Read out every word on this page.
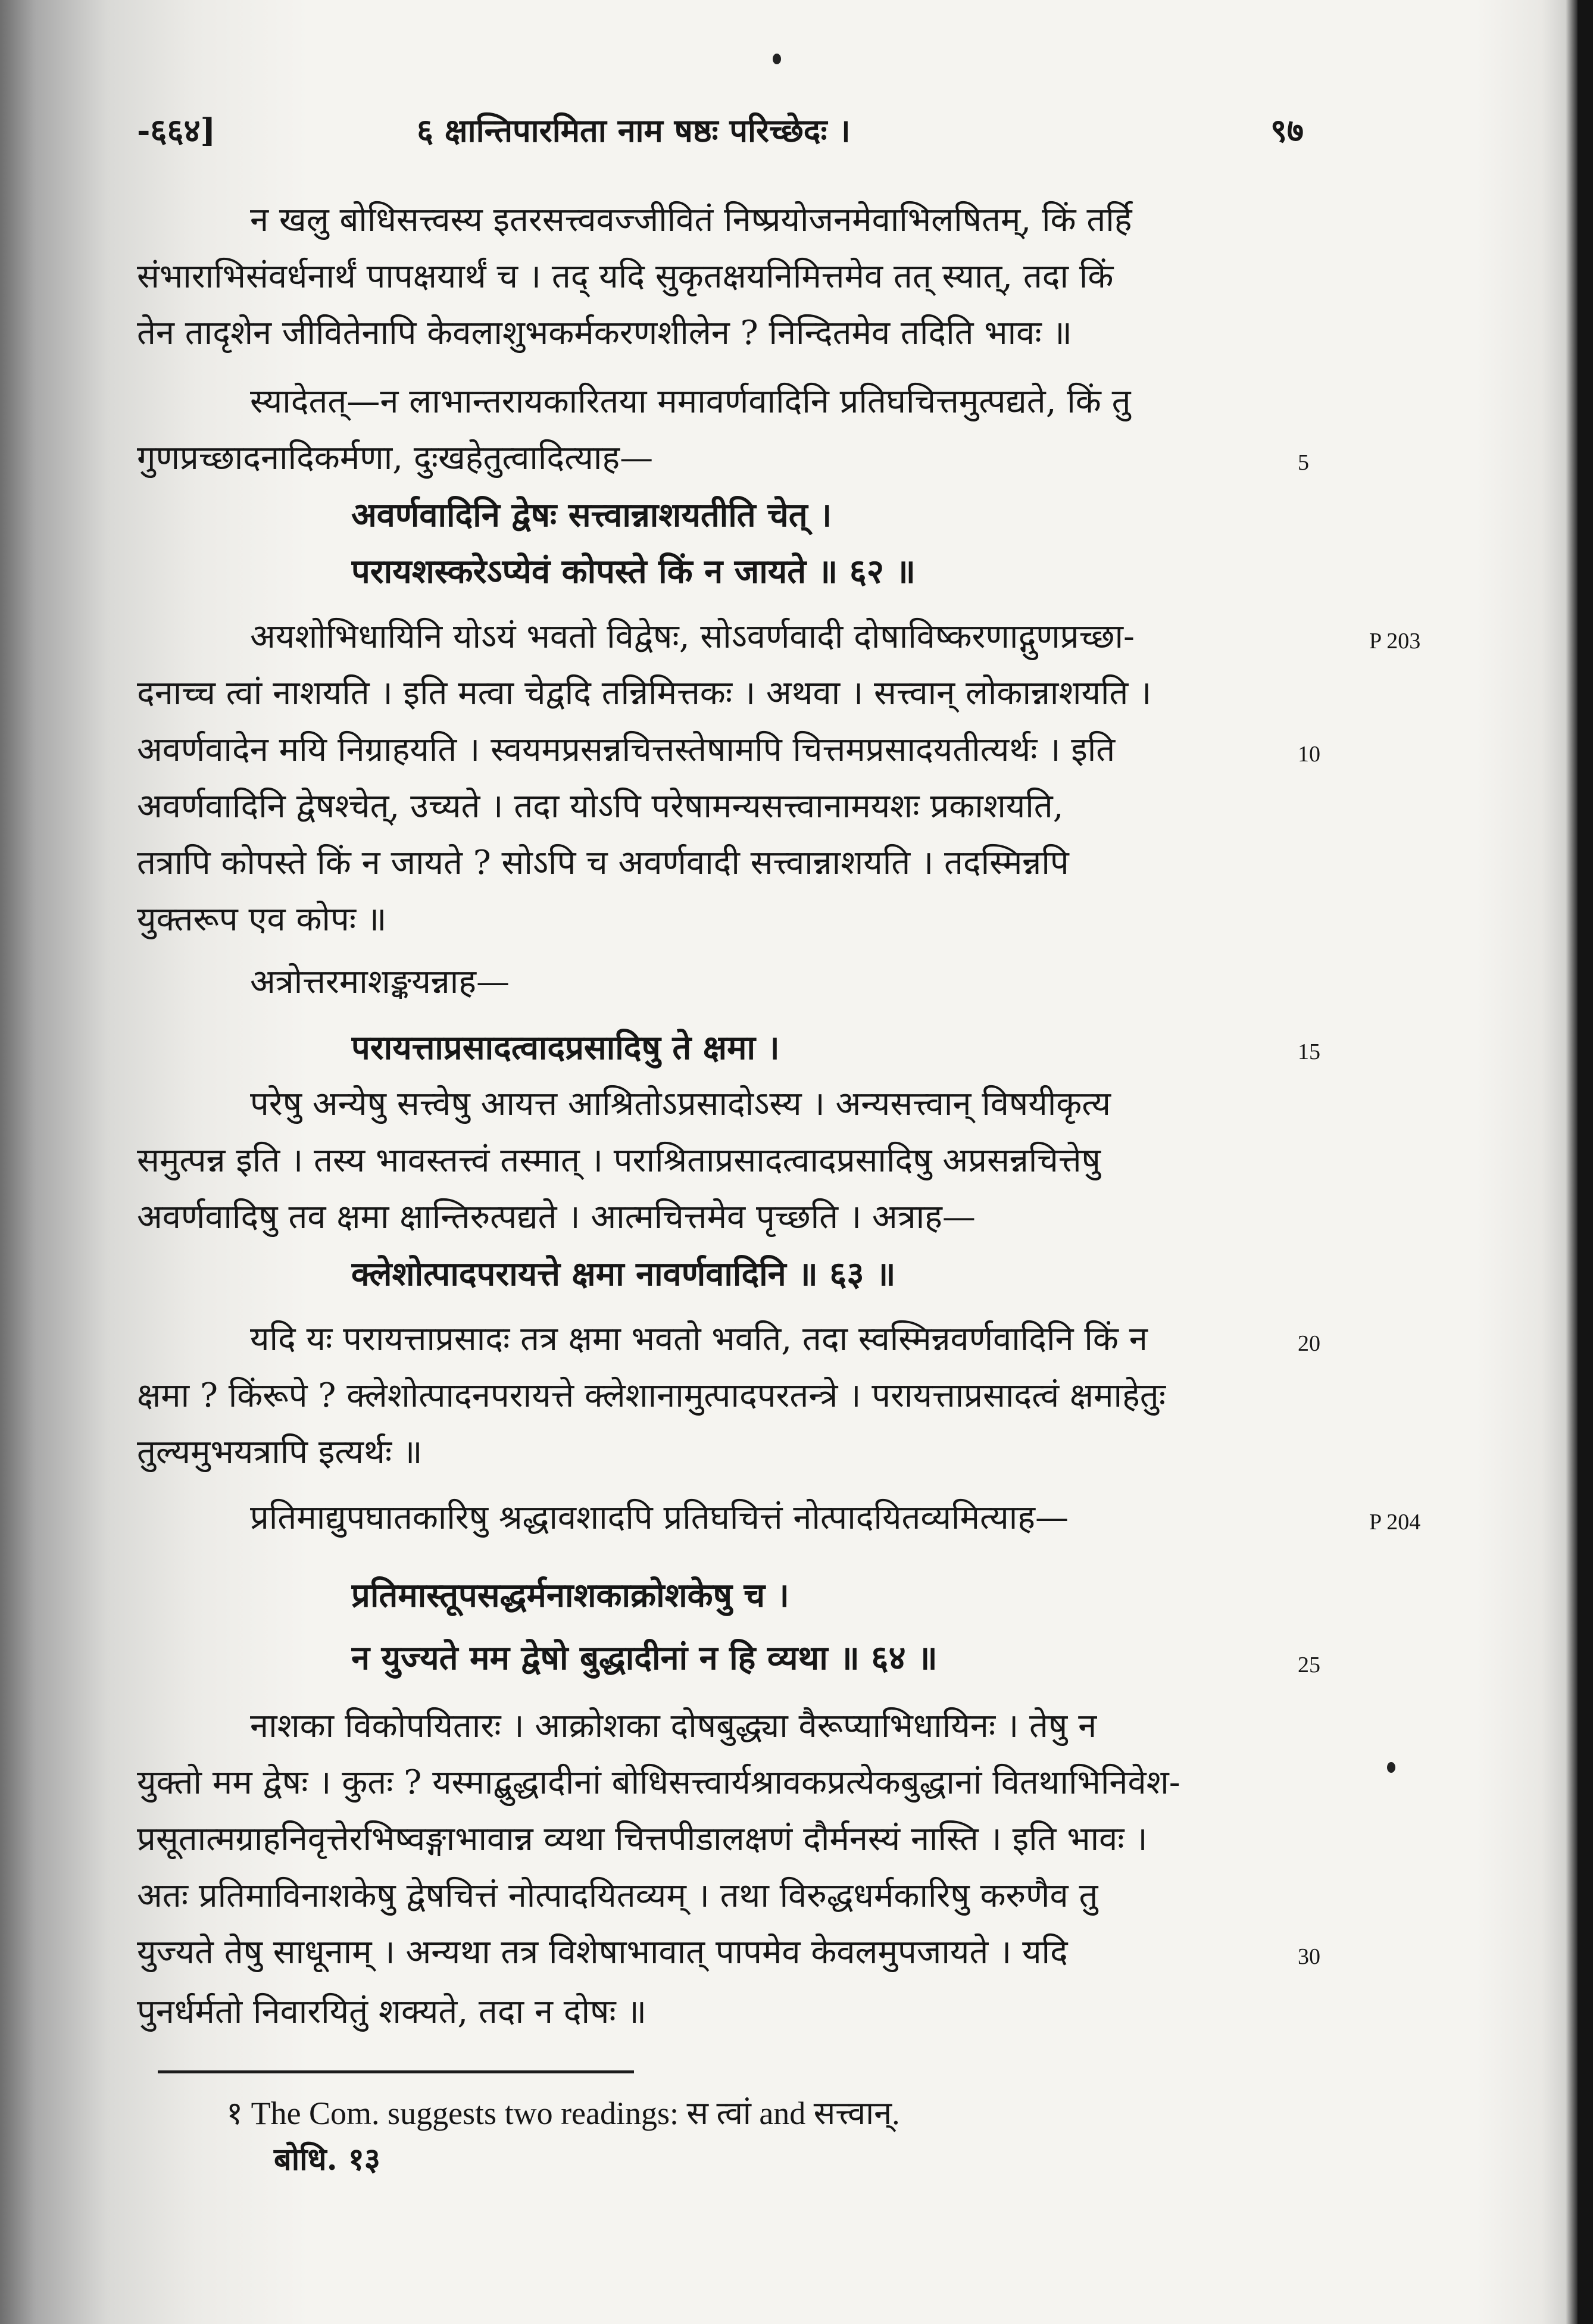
-६६४]	६ क्षान्तिपारमिता नाम षष्ठः परिच्छेदः ।	९७
न खलु बोधिसत्त्वस्य इतरसत्त्ववज्जीवितं निष्प्रयोजनमेवाभिलषितम्, किं तर्हि
संभाराभिसंवर्धनार्थं पापक्षयार्थं च । तद् यदि सुकृतक्षयनिमित्तमेव तत् स्यात्, तदा किं
तेन तादृशेन जीवितेनापि केवलाशुभकर्मकरणशीलेन ? निन्दितमेव तदिति भावः ॥
स्यादेतत्—न लाभान्तरायकारितया ममावर्णवादिनि प्रतिघचित्तमुत्पद्यते, किं तु
गुणप्रच्छादनादिकर्मणा, दुःखहेतुत्वादित्याह—
अवर्णवादिनि द्वेषः सत्त्वान्नाशयतीति चेत् ।
परायशस्करेऽप्येवं कोपस्ते किं न जायते ॥ ६२ ॥
अयशोभिधायिनि योऽयं भवतो विद्वेषः, सोऽवर्णवादी दोषाविष्करणाद्गुणप्रच्छा-
दनाच्च त्वां नाशयति । इति मत्वा चेद्वदि तन्निमित्तकः । अथवा । सत्त्वान् लोकान्नाशयति ।
अवर्णवादेन मयि निग्राहयति । स्वयमप्रसन्नचित्तस्तेषामपि चित्तमप्रसादयतीत्यर्थः । इति
अवर्णवादिनि द्वेषश्चेत्, उच्यते । तदा योऽपि परेषामन्यसत्त्वानामयशः प्रकाशयति,
तत्रापि कोपस्ते किं न जायते ? सोऽपि च अवर्णवादी सत्त्वान्नाशयति । तदस्मिन्नपि
युक्तरूप एव कोपः ॥
अत्रोत्तरमाशङ्कयन्नाह—
परायत्ताप्रसादत्वादप्रसादिषु ते क्षमा ।
परेषु अन्येषु सत्त्वेषु आयत्त आश्रितोऽप्रसादोऽस्य । अन्यसत्त्वान् विषयीकृत्य
समुत्पन्न इति । तस्य भावस्तत्त्वं तस्मात् । पराश्रिताप्रसादत्वादप्रसादिषु अप्रसन्नचित्तेषु
अवर्णवादिषु तव क्षमा क्षान्तिरुत्पद्यते । आत्मचित्तमेव पृच्छति । अत्राह—
क्लेशोत्पादपरायत्ते क्षमा नावर्णवादिनि ॥ ६३ ॥
यदि यः परायत्ताप्रसादः तत्र क्षमा भवतो भवति, तदा स्वस्मिन्नवर्णवादिनि किं न
क्षमा ? किंरूपे ? क्लेशोत्पादनपरायत्ते क्लेशानामुत्पादपरतन्त्रे । परायत्ताप्रसादत्वं क्षमाहेतुः
तुल्यमुभयत्रापि इत्यर्थः ॥
प्रतिमाद्युपघातकारिषु श्रद्धावशादपि प्रतिघचित्तं नोत्पादयितव्यमित्याह—
प्रतिमास्तूपसद्धर्मनाशकाक्रोशकेषु च ।
न युज्यते मम द्वेषो बुद्धादीनां न हि व्यथा ॥ ६४ ॥
नाशका विकोपयितारः । आक्रोशका दोषबुद्ध्या वैरूप्याभिधायिनः । तेषु न
युक्तो मम द्वेषः । कुतः ? यस्माद्बुद्धादीनां बोधिसत्त्वार्यश्रावकप्रत्येकबुद्धानां वितथाभिनिवेश-
प्रसूतात्मग्राहनिवृत्तेरभिष्वङ्गाभावान्न व्यथा चित्तपीडालक्षणं दौर्मनस्यं नास्ति । इति भावः ।
अतः प्रतिमाविनाशकेषु द्वेषचित्तं नोत्पादयितव्यम् । तथा विरुद्धधर्मकारिषु करुणैव तु
युज्यते तेषु साधूनाम् । अन्यथा तत्र विशेषाभावात् पापमेव केवलमुपजायते । यदि
पुनर्धर्मतो निवारयितुं शक्यते, तदा न दोषः ॥
5
10
15
20
25
30
P 203
P 204
१ The Com. suggests two readings: स त्वां and सत्त्वान्.
बोधि. १३
